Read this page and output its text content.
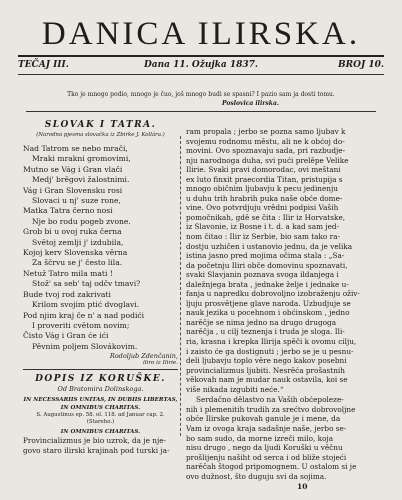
DANICA ILIRSKA.
TEČAJ III.	Dana 11. Ožujka 1837.	BROJ 10.
Tko je mnogo podio, mnogo je čuo, još mnogo budi se spasni? I pazio sam ja dosti tomu.
Poslovica ilirska.
SLOVAK I TATRA.
(Narodna pjesma slovačka iz Zbirke J. Kollára.)
Nad Tatrom se nebo mrači,
Mraki mrakni gromovimi,
Mutno se Vág i Gran vlači
Medj' brěgovi žalostnimi.
Vág i Gran Slovensku rosi
Slovaci u nj' suze rone,
Matka Tatra černo nosi
Nje bo rodu pogeb zvone.
Grob bi u ovoj ruka černa
Světoj zemlji j' izdubila,
Kojoj kerv Slovenska věrna
Za ščrvu se j' često lila.
Netuž Tatro mila mati !
Stož' sa seb' taj odčv tmavi?
Bude tvoj rod zakrivati
Krilom svojim ptić dvoglavi.
Pod njim kraj če n' a nad podići
I proveriti cvětom novim;
Čisto Vág i Gran će ići
Pěvnim poljem Slovákovim.
Rodoljub Zdenčanin,
iliro iz Ilirie.
DOPIS IZ KORUŠKE.
Od Bratomira Dolinskoga.
IN NECESSARIIS UNITAS, IN DUBIIS LIBERTAS,
IN OMNIBUS CHARITAS.
S. Augustinus ep. 58. ol. 118. ad Januar cap. 2. (Stareho.)
IN OMNIBUS CHARITAS.
Provincializmus je bio uzrok, da je nje-
govo staro ilirski krajinah pod turski ja-
ram propala ; jerbo se pozna samo ljubav k
svojemu rodnomu městu, ali ne k obćoj do-
movini. Ovo spoznavaju sada, pri razbudje-
nju narodnoga duha, svi pući prelěpe Velike
Ilirie. Svaki pravi domorodac, ovi meštani
ex luto finxit praecordia Titan, pristupija s
mnogo običnim ljubavju k pecu jedinenju
u duhu trih hrabrih puka naše obće dome-
vine. Ovo potvrdjuju vrědni podpisi Vaših
pomočnikah, gdě se čita : Ilir iz Horvatske,
iz Slavonie, iz Bosne i t. d. a kad sam jed-
nom čitao : Ilir iz Serbie, bio sam tako ra-
dostju uzhičen i ustanovio jednu, da je velika
istina jasno pred mojima očima stala : „Sa-
da početnju Iliri obče domovinu spoznavati,
svaki Slavjanin poznava svoga ildanjega i
daležnjega brata , jednake želje i jednake u-
fanja u napredku dobrovoljno izobraženju oživ-
ljuju prosvětjene glave naroda. Uzbudjuje se
nauk jezika u pocehnom i obćinskom , jedno
narěčje se nima jedno na drugo drugoga
narěčja , u cilj teznenja i truda je sloga. Ili-
ria, krasna i krepka Ilirija spěči k ovomu cilju,
i zaisto će ga dostignuti ; jerbo se je u pesnu-
deli ljubavju toplo věre nego kakov posebni
provincializmus ljubiti. Nesrěća prošastnih
věkovah nam je mudar nauk ostavila, koi se
više nikada izgubiti neće.“
Serdačno dělastvo na Vaših obćepoleze-
nih i plemenitih trudih za srećtvo dobrovoljne
obće Ilirske pukovah ganule je i mene, da
Vam iz ovoga kraja sadašnje naše, jerbo se-
bo sam sudo, da morne izreči milo, koja
nisu drugo , nego da ljudi Koruški u věčnu
prošlijenju našiht od serca i od bliže stojeći
narěčah štogod pripomognem. U ostalom si je
ovo dužnost, što duguju svi da sojima.
10
